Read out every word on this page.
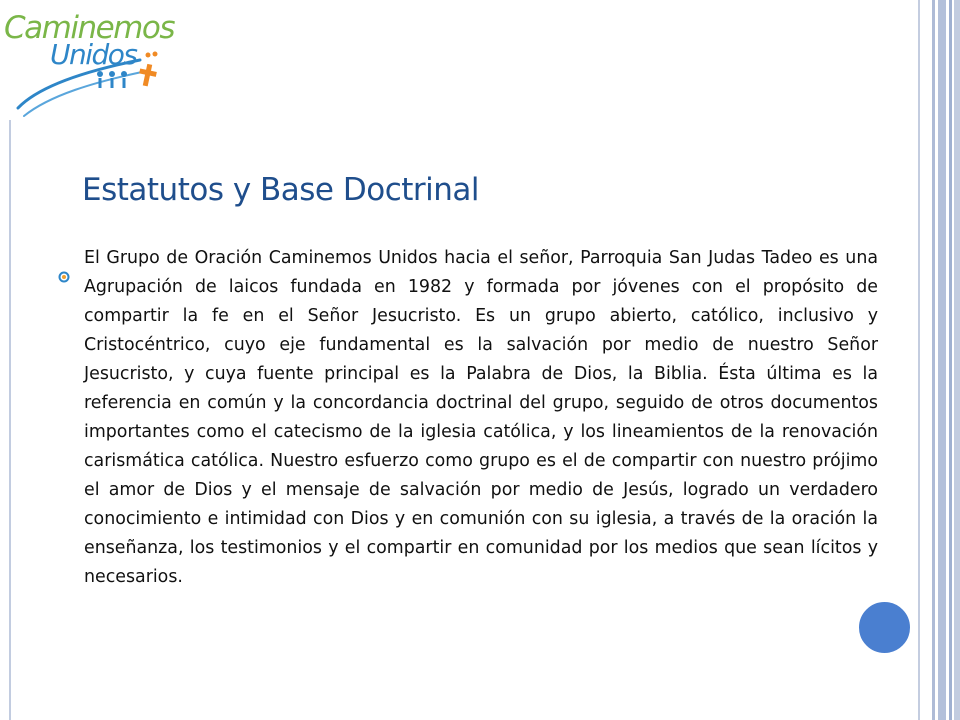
Caminemos
Unidos
Estatutos y Base Doctrinal

El Grupo de Oración Caminemos Unidos hacia el señor, Parroquia San Judas Tadeo es una Agrupación de laicos fundada en 1982 y formada por jóvenes con el propósito de compartir la fe en el Señor Jesucristo. Es un grupo abierto, católico, inclusivo y Cristocéntrico, cuyo eje fundamental es la salvación por medio de nuestro Señor Jesucristo, y cuya fuente principal es la Palabra de Dios, la Biblia. Ésta última es la referencia en común y la concordancia doctrinal del grupo, seguido de otros documentos importantes como el catecismo de la iglesia católica, y los lineamientos de la renovación carismática católica. Nuestro esfuerzo como grupo es el de compartir con nuestro prójimo el amor de Dios y el mensaje de salvación por medio de Jesús, logrado un verdadero conocimiento e intimidad con Dios y en comunión con su iglesia, a través de la oración la enseñanza, los testimonios y el compartir en comunidad por los medios que sean lícitos y necesarios.
